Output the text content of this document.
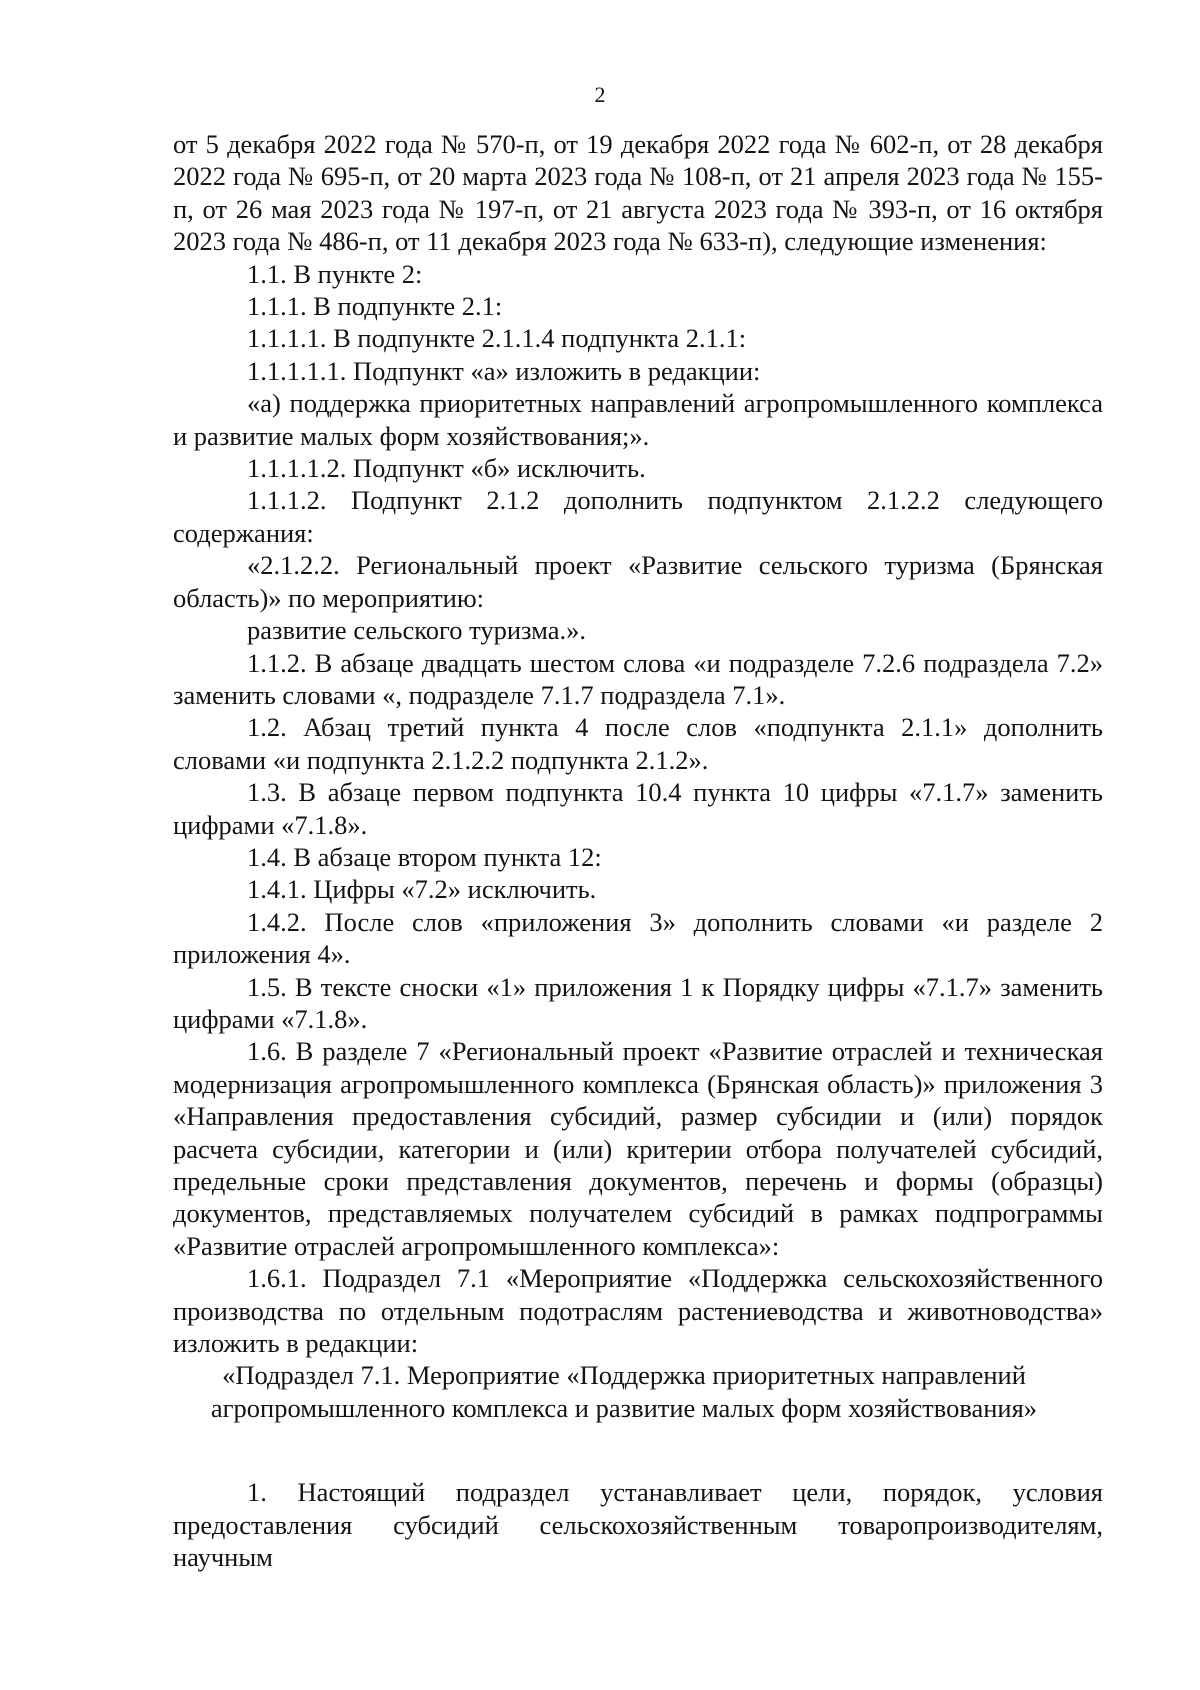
2

от 5 декабря 2022 года № 570-п, от 19 декабря 2022 года № 602-п, от 28 декабря 2022 года № 695-п, от 20 марта 2023 года № 108-п, от 21 апреля 2023 года № 155-п, от 26 мая 2023 года № 197-п, от 21 августа 2023 года № 393-п, от 16 октября 2023 года № 486-п, от 11 декабря 2023 года № 633-п), следующие изменения:

1.1. В пункте 2:

1.1.1. В подпункте 2.1:

1.1.1.1. В подпункте 2.1.1.4 подпункта 2.1.1:

1.1.1.1.1. Подпункт «а» изложить в редакции:

«а) поддержка приоритетных направлений агропромышленного комплекса и развитие малых форм хозяйствования;».

1.1.1.1.2. Подпункт «б» исключить.

1.1.1.2. Подпункт 2.1.2 дополнить подпунктом 2.1.2.2 следующего содержания:

«2.1.2.2. Региональный проект «Развитие сельского туризма (Брянская область)» по мероприятию:

развитие сельского туризма.».

1.1.2. В абзаце двадцать шестом слова «и подразделе 7.2.6 подраздела 7.2» заменить словами «, подразделе 7.1.7 подраздела 7.1».

1.2. Абзац третий пункта 4 после слов «подпункта 2.1.1» дополнить словами «и подпункта 2.1.2.2 подпункта 2.1.2».

1.3. В абзаце первом подпункта 10.4 пункта 10 цифры «7.1.7» заменить цифрами «7.1.8».

1.4. В абзаце втором пункта 12:

1.4.1. Цифры «7.2» исключить.

1.4.2. После слов «приложения 3» дополнить словами «и разделе 2 приложения 4».

1.5. В тексте сноски «1» приложения 1 к Порядку цифры «7.1.7» заменить цифрами «7.1.8».

1.6. В разделе 7 «Региональный проект «Развитие отраслей и техническая модернизация агропромышленного комплекса (Брянская область)» приложения 3 «Направления предоставления субсидий, размер субсидии и (или) порядок расчета субсидии, категории и (или) критерии отбора получателей субсидий, предельные сроки представления документов, перечень и формы (образцы) документов, представляемых получателем субсидий в рамках подпрограммы «Развитие отраслей агропромышленного комплекса»:

1.6.1. Подраздел 7.1 «Мероприятие «Поддержка сельскохозяйственного производства по отдельным подотраслям растениеводства и животноводства» изложить в редакции:

«Подраздел 7.1. Мероприятие «Поддержка приоритетных направлений

агропромышленного комплекса и развитие малых форм хозяйствования»

1. Настоящий подраздел устанавливает цели, порядок, условия предоставления субсидий сельскохозяйственным товаропроизводителям, научным
